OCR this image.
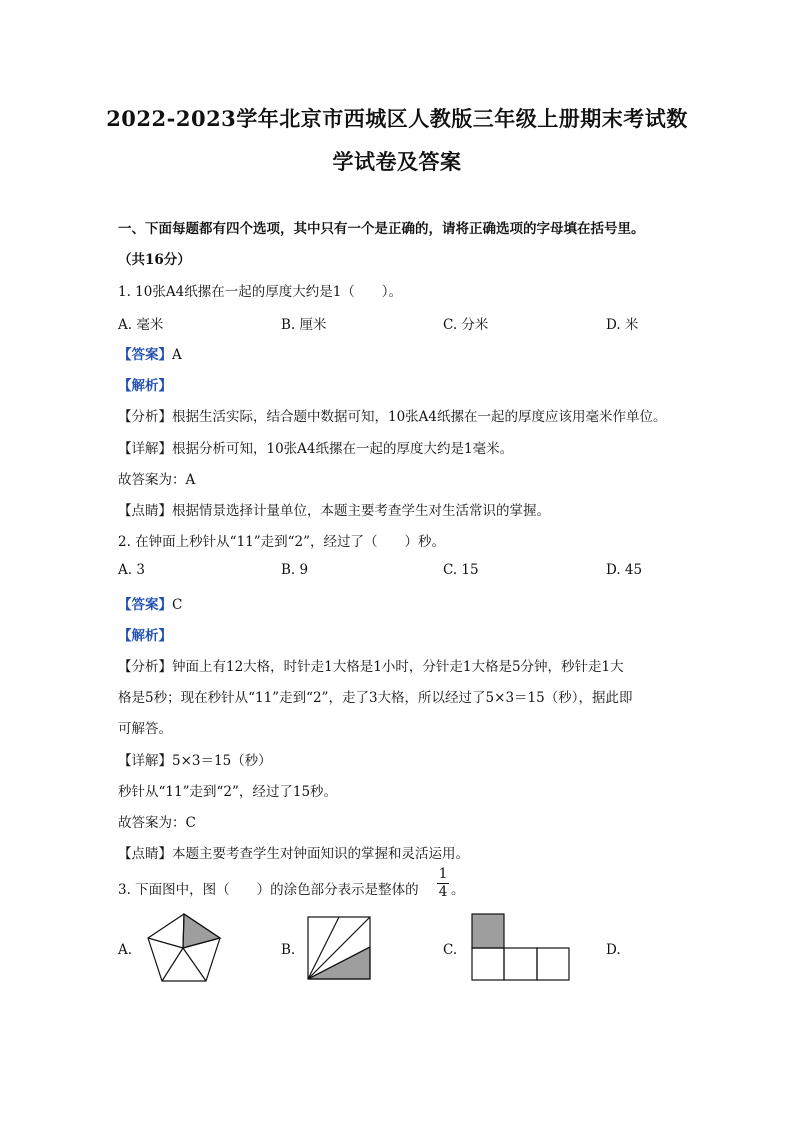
2022-2023学年北京市西城区人教版三年级上册期末考试数
学试卷及答案
一、下面每题都有四个选项，其中只有一个是正确的，请将正确选项的字母填在括号里。
（共16分）
1. 10张A4纸摞在一起的厚度大约是1（　　）。
A. 毫米	B. 厘米	C. 分米	D. 米
【答案】A
【解析】
【分析】根据生活实际，结合题中数据可知，10张A4纸摞在一起的厚度应该用毫米作单位。
【详解】根据分析可知，10张A4纸摞在一起的厚度大约是1毫米。
故答案为：A
【点睛】根据情景选择计量单位，本题主要考查学生对生活常识的掌握。
2. 在钟面上秒针从“11”走到“2”，经过了（　　）秒。
A. 3	B. 9	C. 15	D. 45
【答案】C
【解析】
【分析】钟面上有12大格，时针走1大格是1小时，分针走1大格是5分钟，秒针走1大
格是5秒；现在秒针从“11”走到“2”，走了3大格，所以经过了5×3＝15（秒），据此即
可解答。
【详解】5×3＝15（秒）
秒针从“11”走到“2”，经过了15秒。
故答案为：C
【点睛】本题主要考查学生对钟面知识的掌握和灵活运用。
3. 下面图中，图（　　）的涂色部分表示是整体的
1
4 。
A.	B.	C.	D.
